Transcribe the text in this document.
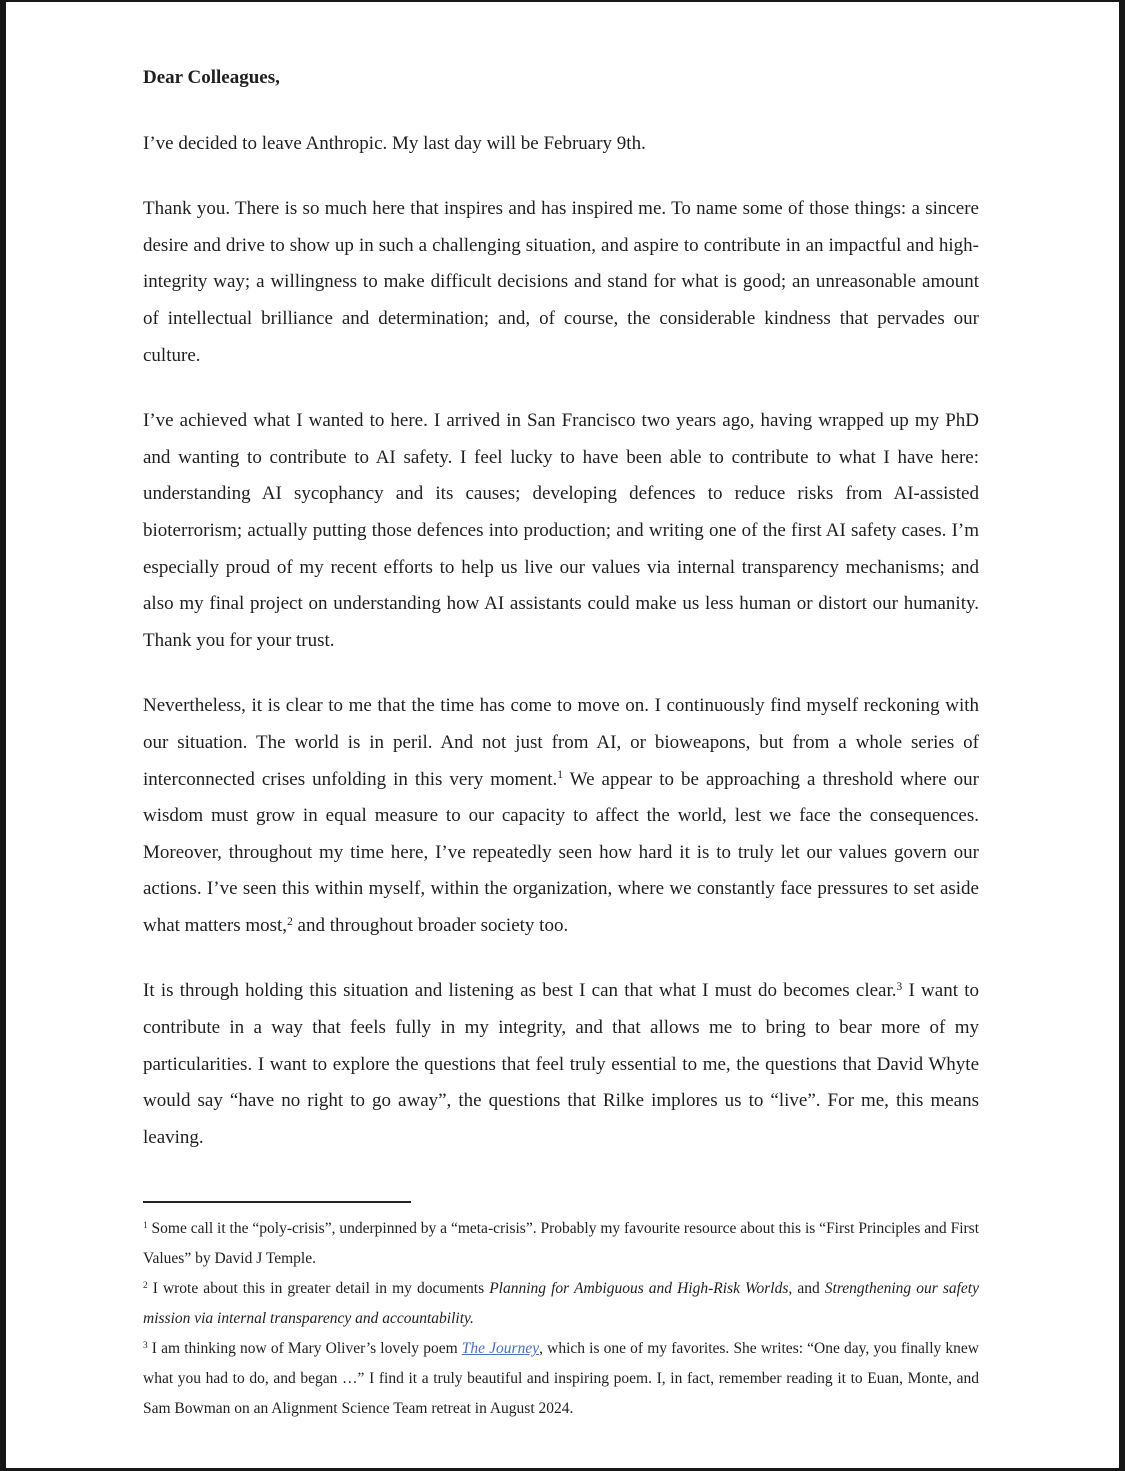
Dear Colleagues,

I’ve decided to leave Anthropic. My last day will be February 9th.

Thank you. There is so much here that inspires and has inspired me. To name some of those things: a sincere desire and drive to show up in such a challenging situation, and aspire to contribute in an impactful and high-integrity way; a willingness to make difficult decisions and stand for what is good; an unreasonable amount of intellectual brilliance and determination; and, of course, the considerable kindness that pervades our culture.

I’ve achieved what I wanted to here. I arrived in San Francisco two years ago, having wrapped up my PhD and wanting to contribute to AI safety. I feel lucky to have been able to contribute to what I have here: understanding AI sycophancy and its causes; developing defences to reduce risks from AI-assisted bioterrorism; actually putting those defences into production; and writing one of the first AI safety cases. I’m especially proud of my recent efforts to help us live our values via internal transparency mechanisms; and also my final project on understanding how AI assistants could make us less human or distort our humanity. Thank you for your trust.

Nevertheless, it is clear to me that the time has come to move on. I continuously find myself reckoning with our situation. The world is in peril. And not just from AI, or bioweapons, but from a whole series of interconnected crises unfolding in this very moment.$^1$ We appear to be approaching a threshold where our wisdom must grow in equal measure to our capacity to affect the world, lest we face the consequences. Moreover, throughout my time here, I’ve repeatedly seen how hard it is to truly let our values govern our actions. I’ve seen this within myself, within the organization, where we constantly face pressures to set aside what matters most,$^2$ and throughout broader society too.

It is through holding this situation and listening as best I can that what I must do becomes clear.$^3$ I want to contribute in a way that feels fully in my integrity, and that allows me to bring to bear more of my particularities. I want to explore the questions that feel truly essential to me, the questions that David Whyte would say “have no right to go away”, the questions that Rilke implores us to “live”. For me, this means leaving.

$^1$ Some call it the “poly-crisis”, underpinned by a “meta-crisis”. Probably my favourite resource about this is “First Principles and First Values” by David J Temple.

$^2$ I wrote about this in greater detail in my documents Planning for Ambiguous and High-Risk Worlds, and Strengthening our safety mission via internal transparency and accountability.

$^3$ I am thinking now of Mary Oliver’s lovely poem The Journey, which is one of my favorites. She writes: “One day, you finally knew what you had to do, and began …” I find it a truly beautiful and inspiring poem. I, in fact, remember reading it to Euan, Monte, and Sam Bowman on an Alignment Science Team retreat in August 2024.
